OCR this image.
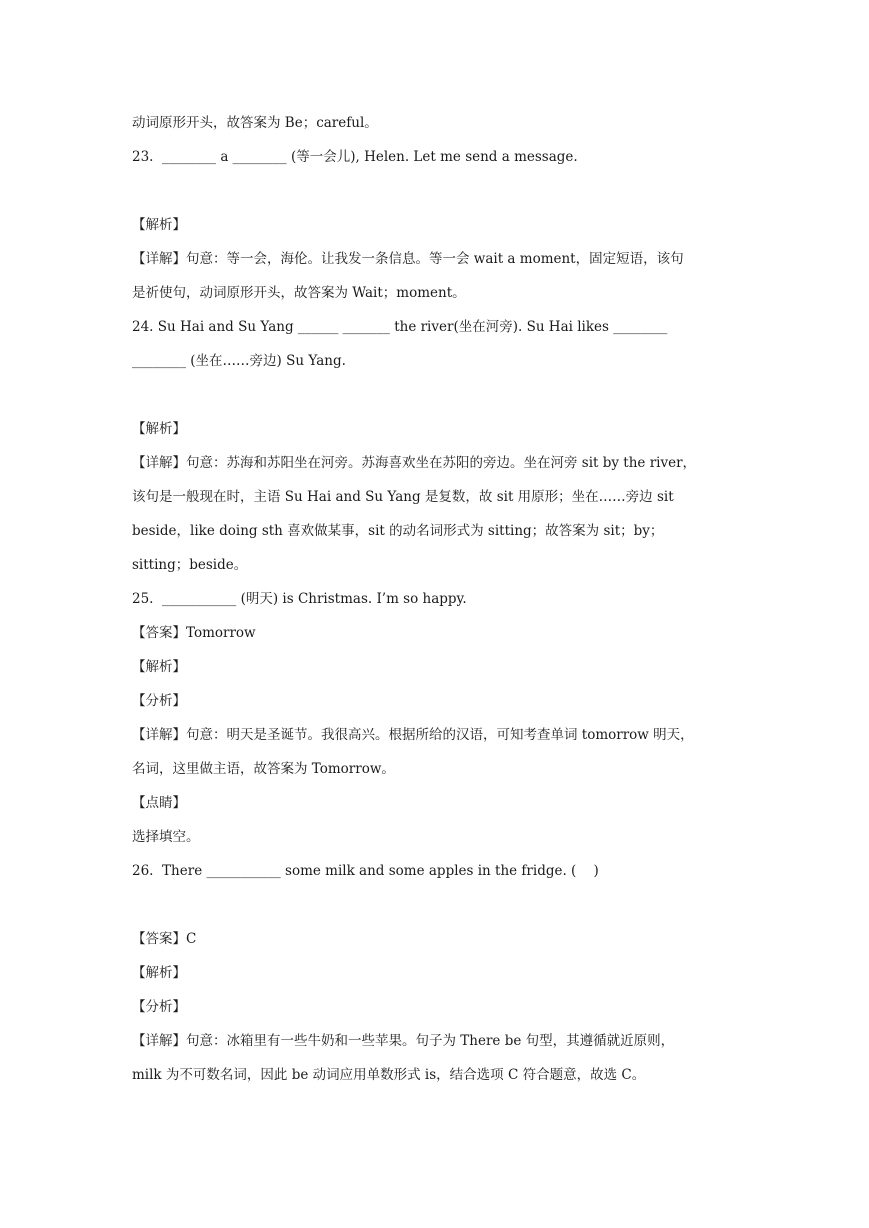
动词原形开头，故答案为 Be；careful。
23.  ________ a ________ (等一会儿), Helen. Let me send a message.

【解析】
【详解】句意：等一会，海伦。让我发一条信息。等一会 wait a moment，固定短语，该句
是祈使句，动词原形开头，故答案为 Wait；moment。
24. Su Hai and Su Yang ______ _______ the river(坐在河旁). Su Hai likes ________
________ (坐在……旁边) Su Yang.

【解析】
【详解】句意：苏海和苏阳坐在河旁。苏海喜欢坐在苏阳的旁边。坐在河旁 sit by the river，
该句是一般现在时，主语 Su Hai and Su Yang 是复数，故 sit 用原形；坐在……旁边 sit
beside，like doing sth 喜欢做某事，sit 的动名词形式为 sitting；故答案为 sit；by；
sitting；beside。
25.  ___________ (明天) is Christmas. I’m so happy.
【答案】Tomorrow
【解析】
【分析】
【详解】句意：明天是圣诞节。我很高兴。根据所给的汉语，可知考查单词 tomorrow 明天，
名词，这里做主语，故答案为 Tomorrow。
【点睛】
选择填空。
26.  There ___________ some milk and some apples in the fridge. (    )

【答案】C
【解析】
【分析】
【详解】句意：冰箱里有一些牛奶和一些苹果。句子为 There be 句型，其遵循就近原则，
milk 为不可数名词，因此 be 动词应用单数形式 is，结合选项 C 符合题意，故选 C。
